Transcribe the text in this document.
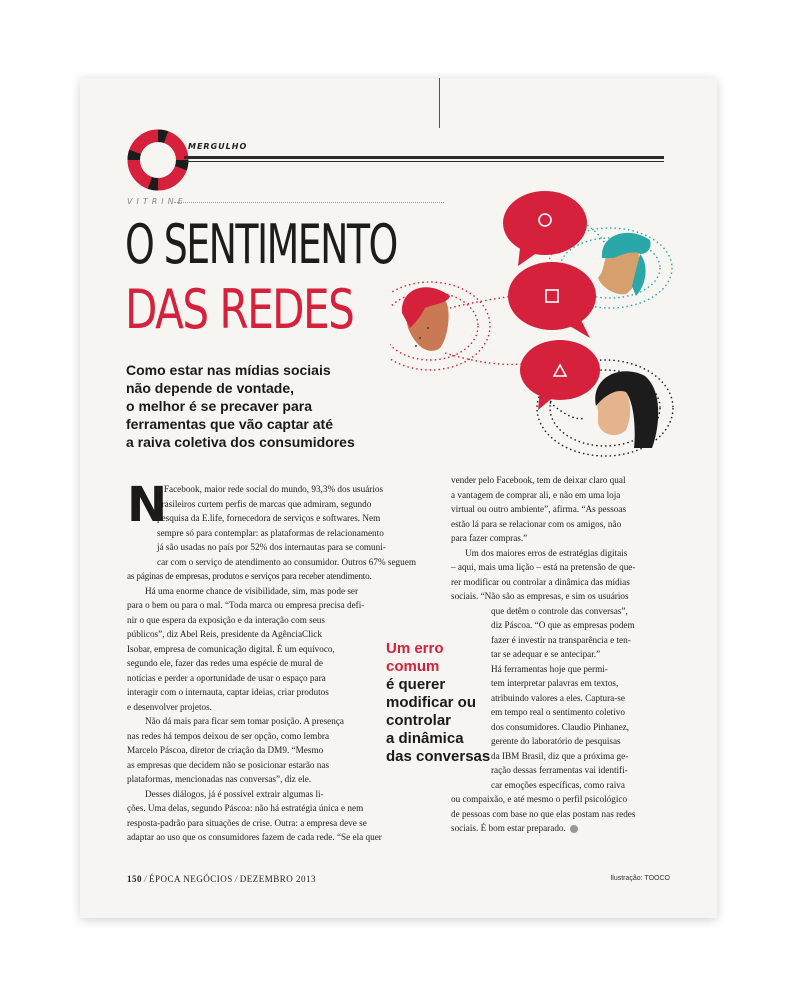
MERGULHO
VITRINE
O SENTIMENTO
DAS REDES
Como estar nas mídias sociais
não depende de vontade,
o melhor é se precaver para
ferramentas que vão captar até
a raiva coletiva dos consumidores
N

o Facebook, maior rede social do mundo, 93,3% dos usuários

brasileiros curtem perfis de marcas que admiram, segundo

pesquisa da E.life, fornecedora de serviços e softwares. Nem

sempre só para contemplar: as plataformas de relacionamento

já são usadas no país por 52% dos internautas para se comuni-

car com o serviço de atendimento ao consumidor. Outros 67% seguem

as páginas de empresas, produtos e serviços para receber atendimento.

Há uma enorme chance de visibilidade, sim, mas pode ser

para o bem ou para o mal. “Toda marca ou empresa precisa defi-

nir o que espera da exposição e da interação com seus

públicos”, diz Abel Reis, presidente da AgênciaClick

Isobar, empresa de comunicação digital. É um equívoco,

segundo ele, fazer das redes uma espécie de mural de

notícias e perder a oportunidade de usar o espaço para

interagir com o internauta, captar ideias, criar produtos

e desenvolver projetos.

Não dá mais para ficar sem tomar posição. A presença

nas redes há tempos deixou de ser opção, como lembra

Marcelo Páscoa, diretor de criação da DM9. “Mesmo

as empresas que decidem não se posicionar estarão nas

plataformas, mencionadas nas conversas”, diz ele.

Desses diálogos, já é possível extrair algumas li-

ções. Uma delas, segundo Páscoa: não há estratégia única e nem

resposta-padrão para situações de crise. Outra: a empresa deve se

adaptar ao uso que os consumidores fazem de cada rede. “Se ela quer

vender pelo Facebook, tem de deixar claro qual

a vantagem de comprar ali, e não em uma loja

virtual ou outro ambiente”, afirma. “As pessoas

estão lá para se relacionar com os amigos, não

para fazer compras.”

Um dos maiores erros de estratégias digitais

– aqui, mais uma lição – está na pretensão de que-

rer modificar ou controlar a dinâmica das mídias

sociais. “Não são as empresas, e sim os usuários

que detêm o controle das conversas”,

diz Páscoa. “O que as empresas podem

fazer é investir na transparência e ten-

tar se adequar e se antecipar.”

Há ferramentas hoje que permi-

tem interpretar palavras em textos,

atribuindo valores a eles. Captura-se

em tempo real o sentimento coletivo

dos consumidores. Claudio Pinhanez,

gerente do laboratório de pesquisas

da IBM Brasil, diz que a próxima ge-

ração dessas ferramentas vai identifi-

car emoções específicas, como raiva

ou compaixão, e até mesmo o perfil psicológico

de pessoas com base no que elas postam nas redes

sociais. É bom estar preparado.

Um erro
comum
é querer
modificar ou
controlar
a dinâmica
das conversas
150 / ÉPOCA NEGÓCIOS / DEZEMBRO 2013	Ilustração: TOOCO
